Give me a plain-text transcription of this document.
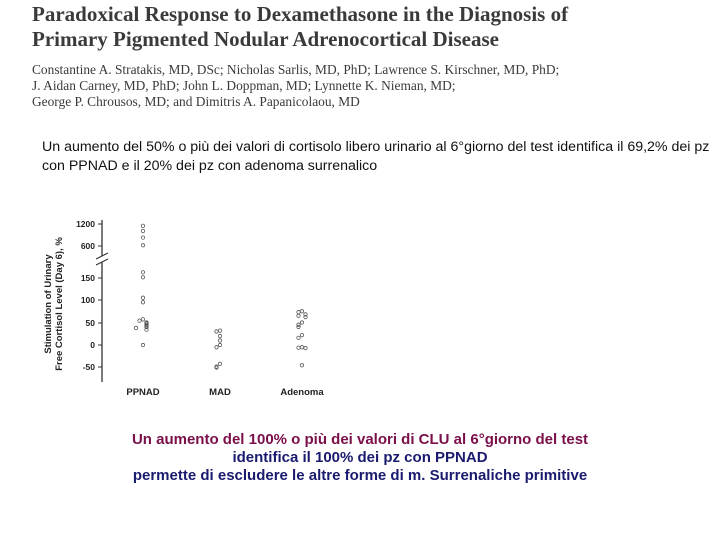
Paradoxical Response to Dexamethasone in the Diagnosis of
Primary Pigmented Nodular Adrenocortical Disease
Constantine A. Stratakis, MD, DSc; Nicholas Sarlis, MD, PhD; Lawrence S. Kirschner, MD, PhD;
J. Aidan Carney, MD, PhD; John L. Doppman, MD; Lynnette K. Nieman, MD;
George P. Chrousos, MD; and Dimitris A. Papanicolaou, MD
Un aumento del 50% o più dei valori di cortisolo libero urinario al 6°giorno del test identifica il 69,2% dei pz con PPNAD e il 20% dei pz con adenoma surrenalico
Stimulation of Urinary Free Cortisol Level (Day 6), %
1200
600
150
100
50
0
-50
PPNAD	MAD	Adenoma
Un aumento del 100% o più dei valori di CLU al 6°giorno del test
identifica il 100% dei pz con PPNAD
permette di escludere le altre forme di m. Surrenaliche primitive
